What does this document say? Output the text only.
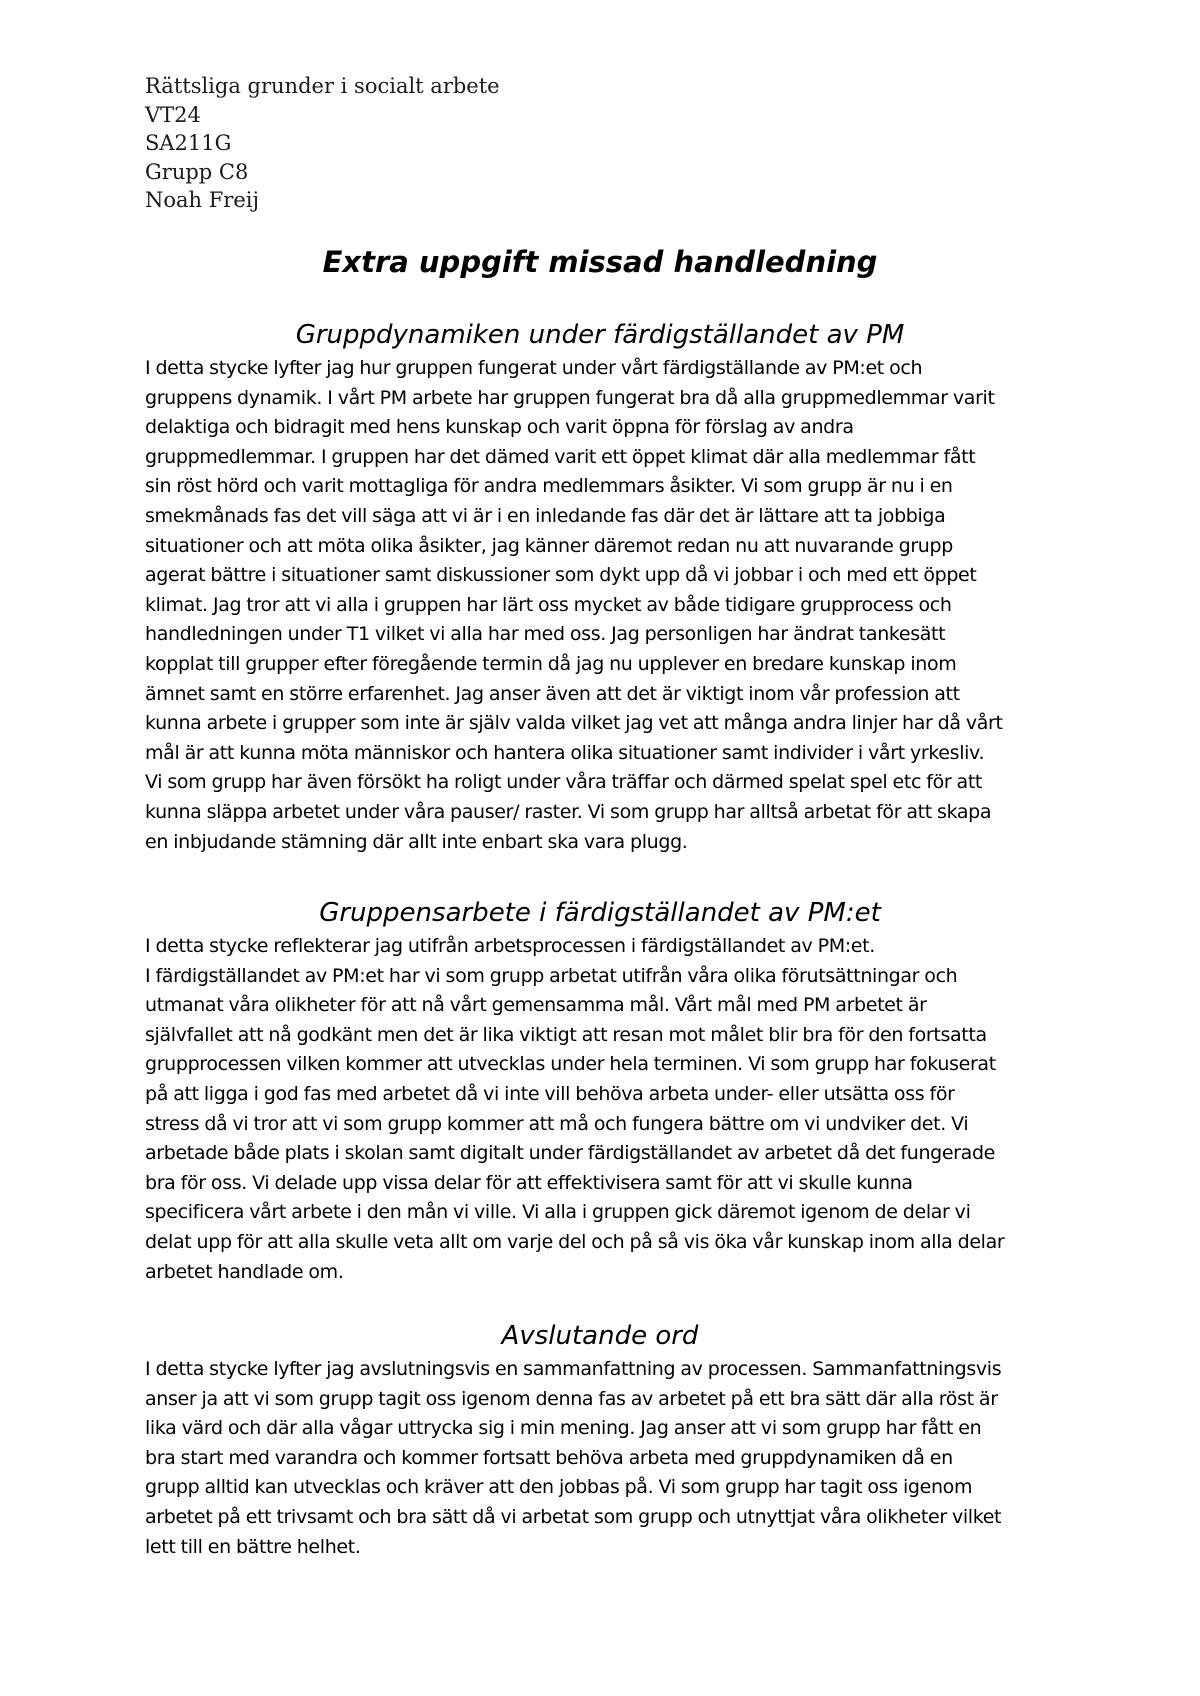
Rättsliga grunder i socialt arbete
VT24
SA211G
Grupp C8
Noah Freij
Extra uppgift missad handledning
Gruppdynamiken under färdigställandet av PM
I detta stycke lyfter jag hur gruppen fungerat under vårt färdigställande av PM:et och
gruppens dynamik. I vårt PM arbete har gruppen fungerat bra då alla gruppmedlemmar varit
delaktiga och bidragit med hens kunskap och varit öppna för förslag av andra
gruppmedlemmar. I gruppen har det dämed varit ett öppet klimat där alla medlemmar fått
sin röst hörd och varit mottagliga för andra medlemmars åsikter. Vi som grupp är nu i en
smekmånads fas det vill säga att vi är i en inledande fas där det är lättare att ta jobbiga
situationer och att möta olika åsikter, jag känner däremot redan nu att nuvarande grupp
agerat bättre i situationer samt diskussioner som dykt upp då vi jobbar i och med ett öppet
klimat. Jag tror att vi alla i gruppen har lärt oss mycket av både tidigare grupprocess och
handledningen under T1 vilket vi alla har med oss. Jag personligen har ändrat tankesätt
kopplat till grupper efter föregående termin då jag nu upplever en bredare kunskap inom
ämnet samt en större erfarenhet. Jag anser även att det är viktigt inom vår profession att
kunna arbete i grupper som inte är själv valda vilket jag vet att många andra linjer har då vårt
mål är att kunna möta människor och hantera olika situationer samt individer i vårt yrkesliv.
Vi som grupp har även försökt ha roligt under våra träffar och därmed spelat spel etc för att
kunna släppa arbetet under våra pauser/ raster. Vi som grupp har alltså arbetat för att skapa
en inbjudande stämning där allt inte enbart ska vara plugg.
Gruppensarbete i färdigställandet av PM:et
I detta stycke reflekterar jag utifrån arbetsprocessen i färdigställandet av PM:et.
I färdigställandet av PM:et har vi som grupp arbetat utifrån våra olika förutsättningar och
utmanat våra olikheter för att nå vårt gemensamma mål. Vårt mål med PM arbetet är
självfallet att nå godkänt men det är lika viktigt att resan mot målet blir bra för den fortsatta
grupprocessen vilken kommer att utvecklas under hela terminen. Vi som grupp har fokuserat
på att ligga i god fas med arbetet då vi inte vill behöva arbeta under- eller utsätta oss för
stress då vi tror att vi som grupp kommer att må och fungera bättre om vi undviker det. Vi
arbetade både plats i skolan samt digitalt under färdigställandet av arbetet då det fungerade
bra för oss. Vi delade upp vissa delar för att effektivisera samt för att vi skulle kunna
specificera vårt arbete i den mån vi ville. Vi alla i gruppen gick däremot igenom de delar vi
delat upp för att alla skulle veta allt om varje del och på så vis öka vår kunskap inom alla delar
arbetet handlade om.
Avslutande ord
I detta stycke lyfter jag avslutningsvis en sammanfattning av processen. Sammanfattningsvis
anser ja att vi som grupp tagit oss igenom denna fas av arbetet på ett bra sätt där alla röst är
lika värd och där alla vågar uttrycka sig i min mening. Jag anser att vi som grupp har fått en
bra start med varandra och kommer fortsatt behöva arbeta med gruppdynamiken då en
grupp alltid kan utvecklas och kräver att den jobbas på. Vi som grupp har tagit oss igenom
arbetet på ett trivsamt och bra sätt då vi arbetat som grupp och utnyttjat våra olikheter vilket
lett till en bättre helhet.
